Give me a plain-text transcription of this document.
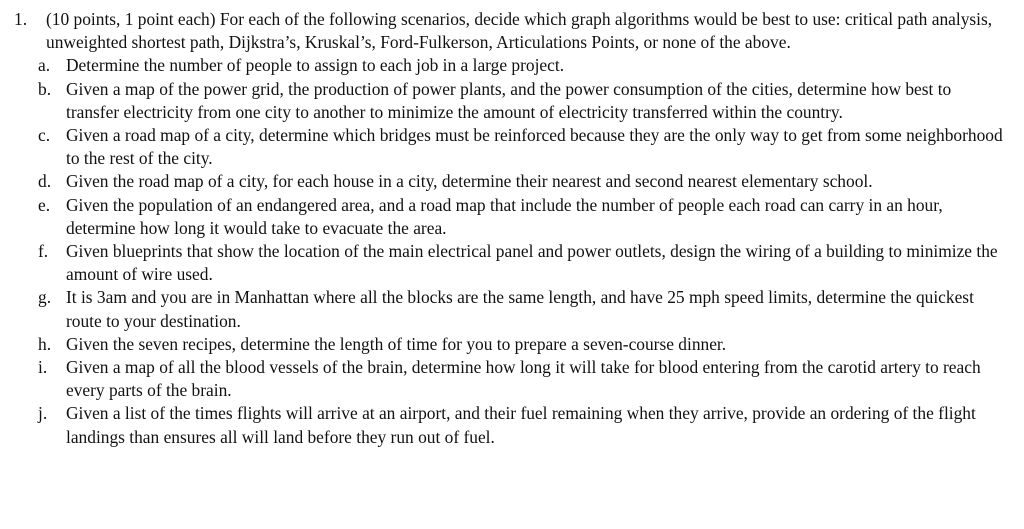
1.	(10 points, 1 point each) For each of the following scenarios, decide which graph algorithms would be best to use: critical path analysis, unweighted shortest path, Dijkstra’s, Kruskal’s, Ford-Fulkerson, Articulations Points, or none of the above.
a. Determine the number of people to assign to each job in a large project.
b. Given a map of the power grid, the production of power plants, and the power consumption of the cities, determine how best to transfer electricity from one city to another to minimize the amount of electricity transferred within the country.
c. Given a road map of a city, determine which bridges must be reinforced because they are the only way to get from some neighborhood to the rest of the city.
d. Given the road map of a city, for each house in a city, determine their nearest and second nearest elementary school.
e. Given the population of an endangered area, and a road map that include the number of people each road can carry in an hour, determine how long it would take to evacuate the area.
f.	Given blueprints that show the location of the main electrical panel and power outlets, design the wiring of a building to minimize the amount of wire used.
g. It is 3am and you are in Manhattan where all the blocks are the same length, and have 25 mph speed limits, determine the quickest route to your destination.
h. Given the seven recipes, determine the length of time for you to prepare a seven-course dinner.
i.	Given a map of all the blood vessels of the brain, determine how long it will take for blood entering from the carotid artery to reach every parts of the brain.
j.	Given a list of the times flights will arrive at an airport, and their fuel remaining when they arrive, provide an ordering of the flight landings than ensures all will land before they run out of fuel.
